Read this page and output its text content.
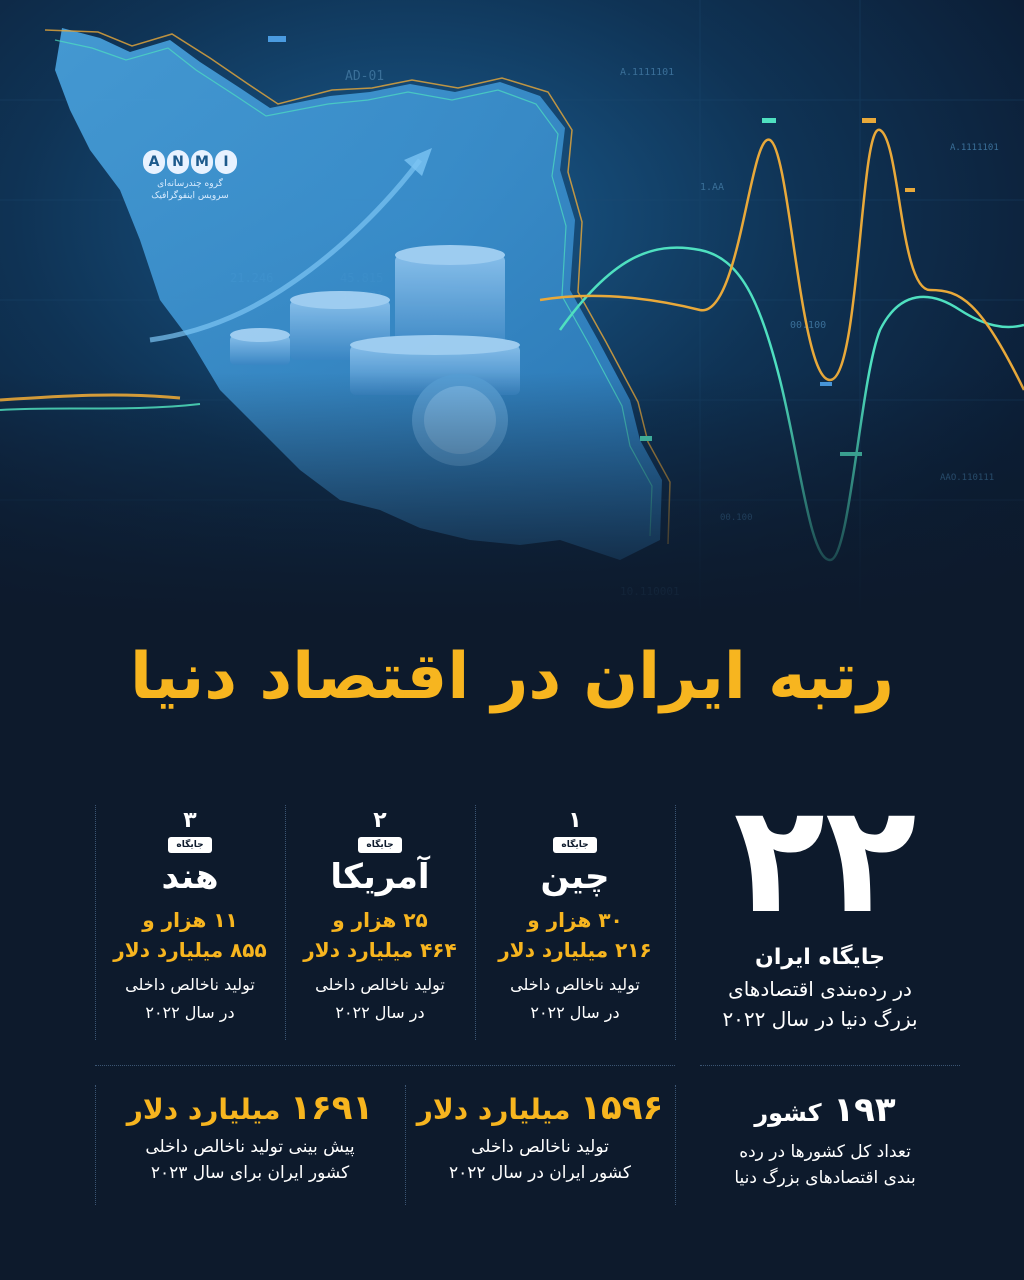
I
M
N
A
گروه چندرسانه‌ای
سرویس اینفوگرافیک
رتبه ایران در اقتصاد دنیا
۲۲
جایگاه ایران
در رده‌بندی اقتصادهای
بزرگ دنیا در سال ۲۰۲۲
۱
جایگاه
چین
۳۰ هزار و
۲۱۶ میلیارد دلار
تولید ناخالص داخلی
در سال ۲۰۲۲
۲
جایگاه
آمریکا
۲۵ هزار و
۴۶۴ میلیارد دلار
تولید ناخالص داخلی
در سال ۲۰۲۲
۳
جایگاه
هند
۱۱ هزار و
۸۵۵ میلیارد دلار
تولید ناخالص داخلی
در سال ۲۰۲۲
۱۹۳ کشور
تعداد کل کشورها در رده
بندی اقتصادهای بزرگ دنیا
۱۵۹۶ میلیارد دلار
تولید ناخالص داخلی
کشور ایران در سال ۲۰۲۲
۱۶۹۱ میلیارد دلار
پیش بینی تولید ناخالص داخلی
کشور ایران برای سال ۲۰۲۳
